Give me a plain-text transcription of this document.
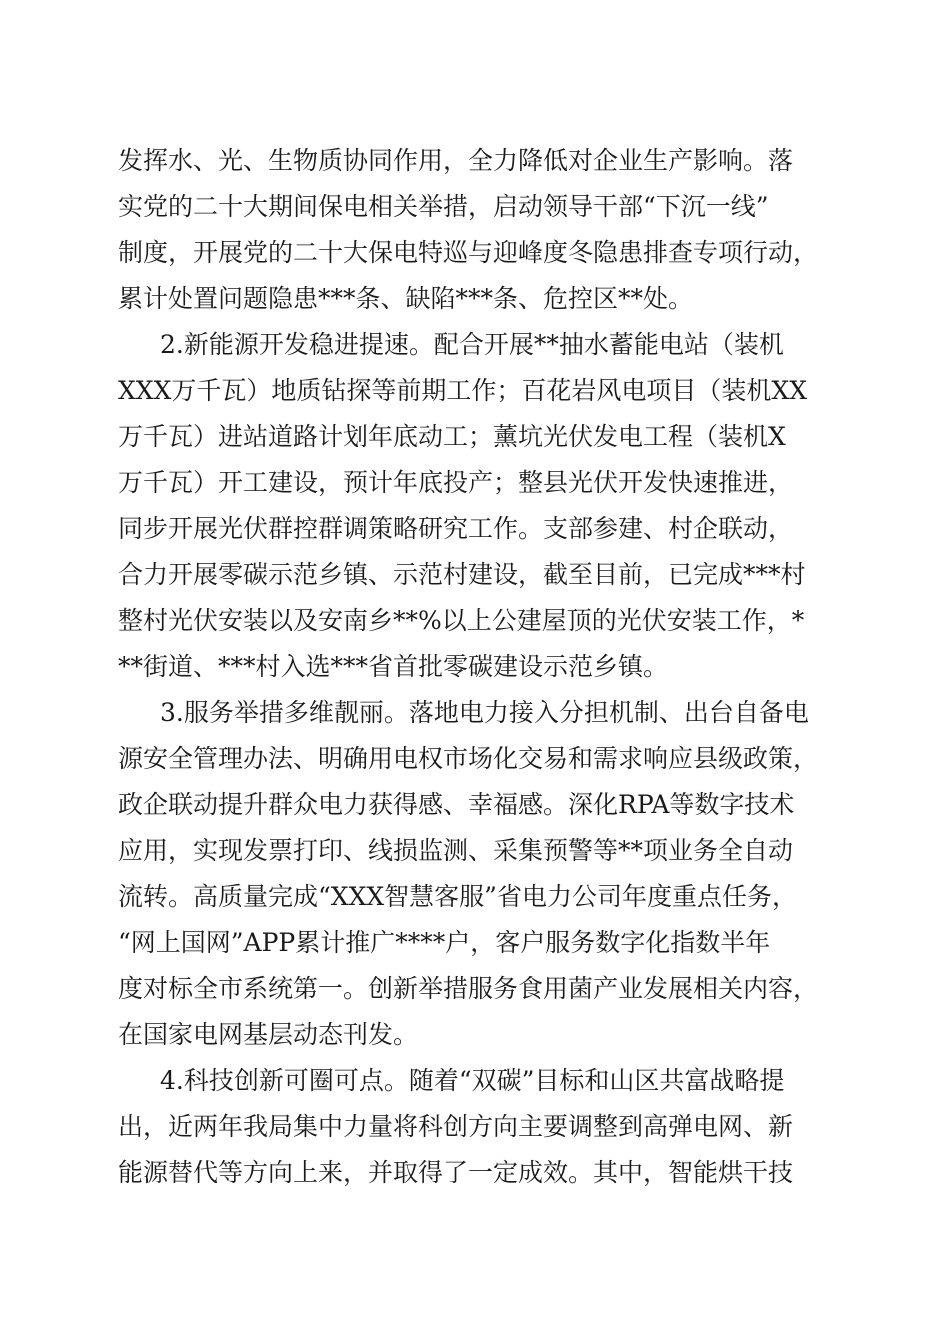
发挥水、光、生物质协同作用，全力降低对企业生产影响。落
实党的二十大期间保电相关举措，启动领导干部“下沉一线”
制度，开展党的二十大保电特巡与迎峰度冬隐患排查专项行动，
累计处置问题隐患***条、缺陷***条、危控区**处。
2.新能源开发稳进提速。配合开展**抽水蓄能电站（装机
XXX万千瓦）地质钻探等前期工作；百花岩风电项目（装机XX
万千瓦）进站道路计划年底动工；薰坑光伏发电工程（装机X
万千瓦）开工建设，预计年底投产；整县光伏开发快速推进，
同步开展光伏群控群调策略研究工作。支部参建、村企联动，
合力开展零碳示范乡镇、示范村建设，截至目前，已完成***村
整村光伏安装以及安南乡**%以上公建屋顶的光伏安装工作，*
**街道、***村入选***省首批零碳建设示范乡镇。
3.服务举措多维靓丽。落地电力接入分担机制、出台自备电
源安全管理办法、明确用电权市场化交易和需求响应县级政策，
政企联动提升群众电力获得感、幸福感。深化RPA等数字技术
应用，实现发票打印、线损监测、采集预警等**项业务全自动
流转。高质量完成“XXX智慧客服”省电力公司年度重点任务，
“网上国网”APP累计推广****户，客户服务数字化指数半年
度对标全市系统第一。创新举措服务食用菌产业发展相关内容，
在国家电网基层动态刊发。
4.科技创新可圈可点。随着“双碳”目标和山区共富战略提
出，近两年我局集中力量将科创方向主要调整到高弹电网、新
能源替代等方向上来，并取得了一定成效。其中，智能烘干技
